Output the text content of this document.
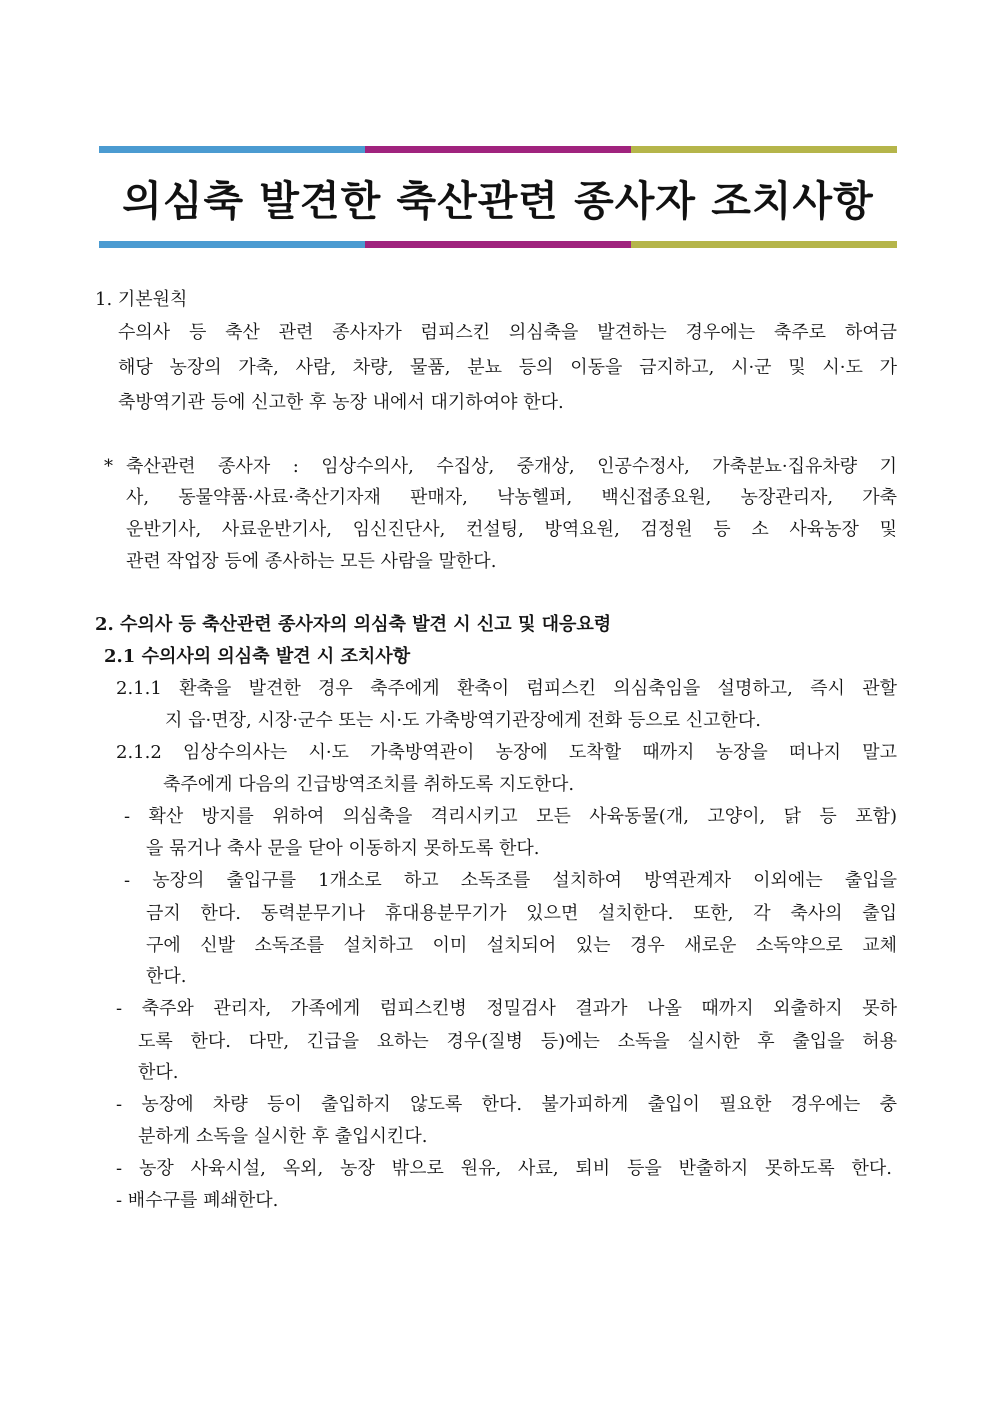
의심축 발견한 축산관련 종사자 조치사항
1. 기본원칙
수의사 등 축산 관련 종사자가 럼피스킨 의심축을 발견하는 경우에는 축주로 하여금
해당 농장의 가축, 사람, 차량, 물품, 분뇨 등의 이동을 금지하고, 시·군 및 시·도 가
축방역기관 등에 신고한 후 농장 내에서 대기하여야 한다.
* 축산관련 종사자 : 임상수의사, 수집상, 중개상, 인공수정사, 가축분뇨·집유차량 기
사, 동물약품·사료·축산기자재 판매자, 낙농헬퍼, 백신접종요원, 농장관리자, 가축
운반기사, 사료운반기사, 임신진단사, 컨설팅, 방역요원, 검정원 등 소 사육농장 및
관련 작업장 등에 종사하는 모든 사람을 말한다.
2. 수의사 등 축산관련 종사자의 의심축 발견 시 신고 및 대응요령
2.1 수의사의 의심축 발견 시 조치사항
2.1.1 환축을 발견한 경우 축주에게 환축이 럼피스킨 의심축임을 설명하고, 즉시 관할
지 읍·면장, 시장·군수 또는 시·도 가축방역기관장에게 전화 등으로 신고한다.
2.1.2 임상수의사는 시·도 가축방역관이 농장에 도착할 때까지 농장을 떠나지 말고
축주에게 다음의 긴급방역조치를 취하도록 지도한다.
- 확산 방지를 위하여 의심축을 격리시키고 모든 사육동물(개, 고양이, 닭 등 포함)
을 묶거나 축사 문을 닫아 이동하지 못하도록 한다.
- 농장의 출입구를 1개소로 하고 소독조를 설치하여 방역관계자 이외에는 출입을
금지 한다. 동력분무기나 휴대용분무기가 있으면 설치한다. 또한, 각 축사의 출입
구에 신발 소독조를 설치하고 이미 설치되어 있는 경우 새로운 소독약으로 교체
한다.
- 축주와 관리자, 가족에게 럼피스킨병 정밀검사 결과가 나올 때까지 외출하지 못하
도록 한다. 다만, 긴급을 요하는 경우(질병 등)에는 소독을 실시한 후 출입을 허용
한다.
- 농장에 차량 등이 출입하지 않도록 한다. 불가피하게 출입이 필요한 경우에는 충
분하게 소독을 실시한 후 출입시킨다.
- 농장 사육시설, 옥외, 농장 밖으로 원유, 사료, 퇴비 등을 반출하지 못하도록 한다.
- 배수구를 폐쇄한다.
